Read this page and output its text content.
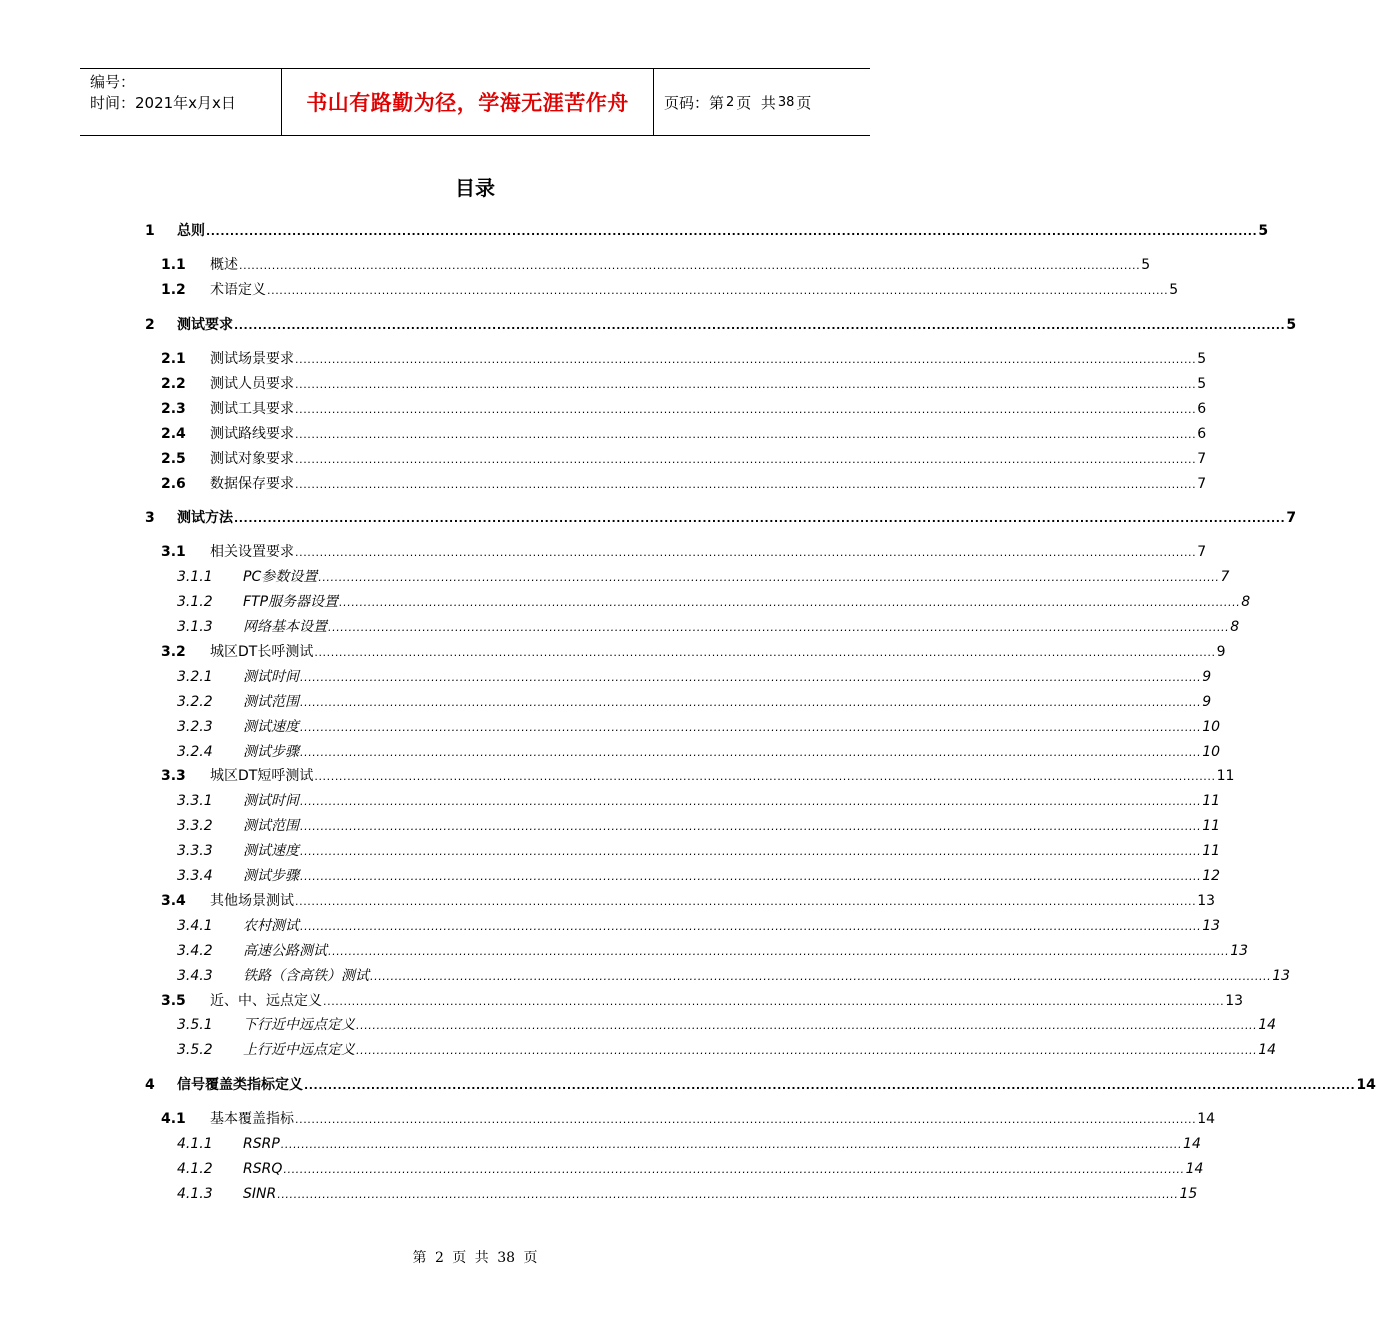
编号：
时间：2021年x月x日	书山有路勤为径，学海无涯苦作舟 页码：第 2 页  共 38 页
目录
1	总则 ............................................................................................................................................................................................................................ 5
1.1	概述 ............................................................................................................................................................................................................................ 5
1.2	术语定义 ............................................................................................................................................................................................................................ 5
2	测试要求 ............................................................................................................................................................................................................................ 5
2.1	测试场景要求 ............................................................................................................................................................................................................................ 5
2.2	测试人员要求 ............................................................................................................................................................................................................................ 5
2.3	测试工具要求 ............................................................................................................................................................................................................................ 6
2.4	测试路线要求 ............................................................................................................................................................................................................................ 6
2.5	测试对象要求 ............................................................................................................................................................................................................................ 7
2.6	数据保存要求 ............................................................................................................................................................................................................................ 7
3	测试方法 ............................................................................................................................................................................................................................ 7
3.1	相关设置要求 ............................................................................................................................................................................................................................ 7
3.1.1	PC参数设置 ............................................................................................................................................................................................................................ 7
3.1.2	FTP服务器设置 ............................................................................................................................................................................................................................ 8
3.1.3	网络基本设置 ............................................................................................................................................................................................................................ 8
3.2	城区DT长呼测试 ............................................................................................................................................................................................................................ 9
3.2.1	测试时间 ............................................................................................................................................................................................................................ 9
3.2.2	测试范围 ............................................................................................................................................................................................................................ 9
3.2.3	测试速度 ............................................................................................................................................................................................................................ 10
3.2.4	测试步骤 ............................................................................................................................................................................................................................ 10
3.3	城区DT短呼测试 ............................................................................................................................................................................................................................ 11
3.3.1	测试时间 ............................................................................................................................................................................................................................ 11
3.3.2	测试范围 ............................................................................................................................................................................................................................ 11
3.3.3	测试速度 ............................................................................................................................................................................................................................ 11
3.3.4	测试步骤 ............................................................................................................................................................................................................................ 12
3.4	其他场景测试 ............................................................................................................................................................................................................................ 13
3.4.1	农村测试 ............................................................................................................................................................................................................................ 13
3.4.2	高速公路测试 ............................................................................................................................................................................................................................ 13
3.4.3	铁路（含高铁）测试 ............................................................................................................................................................................................................................ 13
3.5	近、中、远点定义 ............................................................................................................................................................................................................................ 13
3.5.1	下行近中远点定义 ............................................................................................................................................................................................................................ 14
3.5.2	上行近中远点定义 ............................................................................................................................................................................................................................ 14
4	信号覆盖类指标定义 ............................................................................................................................................................................................................................ 14
4.1	基本覆盖指标 ............................................................................................................................................................................................................................ 14
4.1.1	RSRP ............................................................................................................................................................................................................................ 14
4.1.2	RSRQ ............................................................................................................................................................................................................................ 14
4.1.3	SINR ............................................................................................................................................................................................................................ 15
第 2 页 共 38 页
